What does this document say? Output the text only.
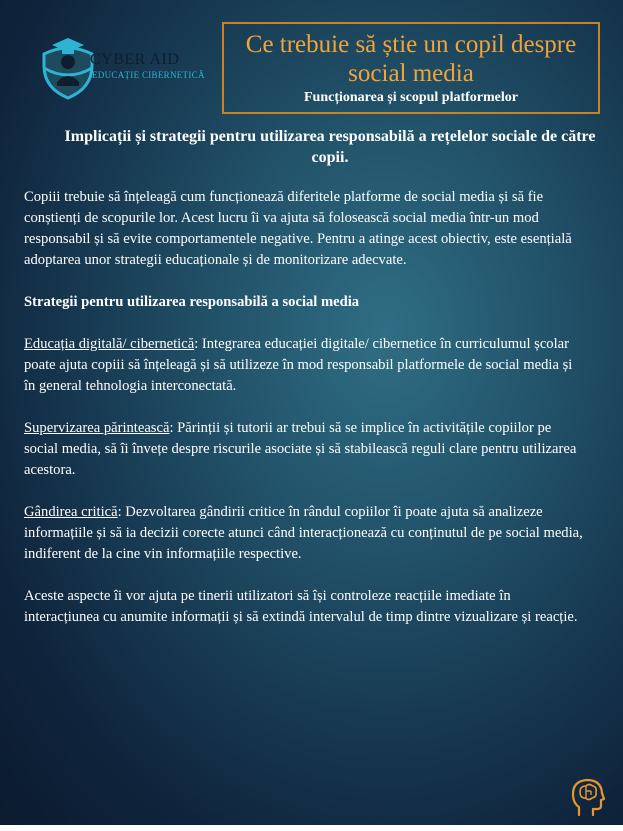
CYBER AID
EDUCAȚIE CIBERNETICĂ
Ce trebuie să știe un copil despre social media
Funcționarea și scopul platformelor
Implicații și strategii pentru utilizarea responsabilă a rețelelor sociale de către copii.

Copiii trebuie să înțeleagă cum funcționează diferitele platforme de social media și să fie conștienți de scopurile lor. Acest lucru îi va ajuta să folosească social media într-un mod responsabil și să evite comportamentele negative. Pentru a atinge acest obiectiv, este esențială adoptarea unor strategii educaționale și de monitorizare adecvate.

Strategii pentru utilizarea responsabilă a social media

Educația digitală/ cibernetică: Integrarea educației digitale/ cibernetice în curriculumul școlar poate ajuta copiii să înțeleagă și să utilizeze în mod responsabil platformele de social media și în general tehnologia interconectată.

Supervizarea părintească: Părinții și tutorii ar trebui să se implice în activitățile copiilor pe social media, să îi învețe despre riscurile asociate și să stabilească reguli clare pentru utilizarea acestora.

Gândirea critică: Dezvoltarea gândirii critice în rândul copiilor îi poate ajuta să analizeze informațiile și să ia decizii corecte atunci când interacționează cu conținutul de pe social media, indiferent de la cine vin informațiile respective.

Aceste aspecte îi vor ajuta pe tinerii utilizatori să își controleze reacțiile imediate în interacțiunea cu anumite informații și să extindă intervalul de timp dintre vizualizare și reacție.
